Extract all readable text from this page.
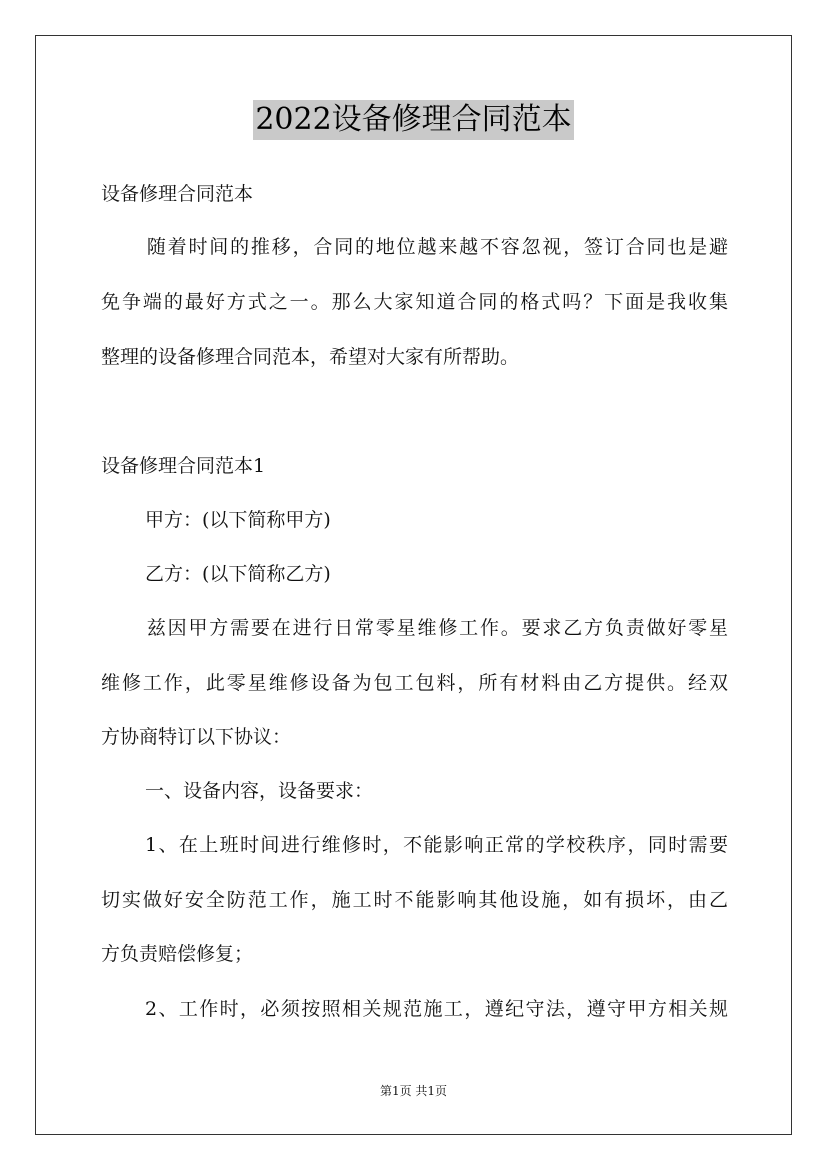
2022设备修理合同范本
设备修理合同范本
随着时间的推移，合同的地位越来越不容忽视，签订合同也是避
免争端的最好方式之一。那么大家知道合同的格式吗？下面是我收集
整理的设备修理合同范本，希望对大家有所帮助。
设备修理合同范本1
甲方：(以下简称甲方)
乙方：(以下简称乙方)
兹因甲方需要在进行日常零星维修工作。要求乙方负责做好零星
维修工作，此零星维修设备为包工包料，所有材料由乙方提供。经双
方协商特订以下协议：
一、设备内容，设备要求：
1、在上班时间进行维修时，不能影响正常的学校秩序，同时需要
切实做好安全防范工作，施工时不能影响其他设施，如有损坏，由乙
方负责赔偿修复；
2、工作时，必须按照相关规范施工，遵纪守法，遵守甲方相关规
第1页 共1页
